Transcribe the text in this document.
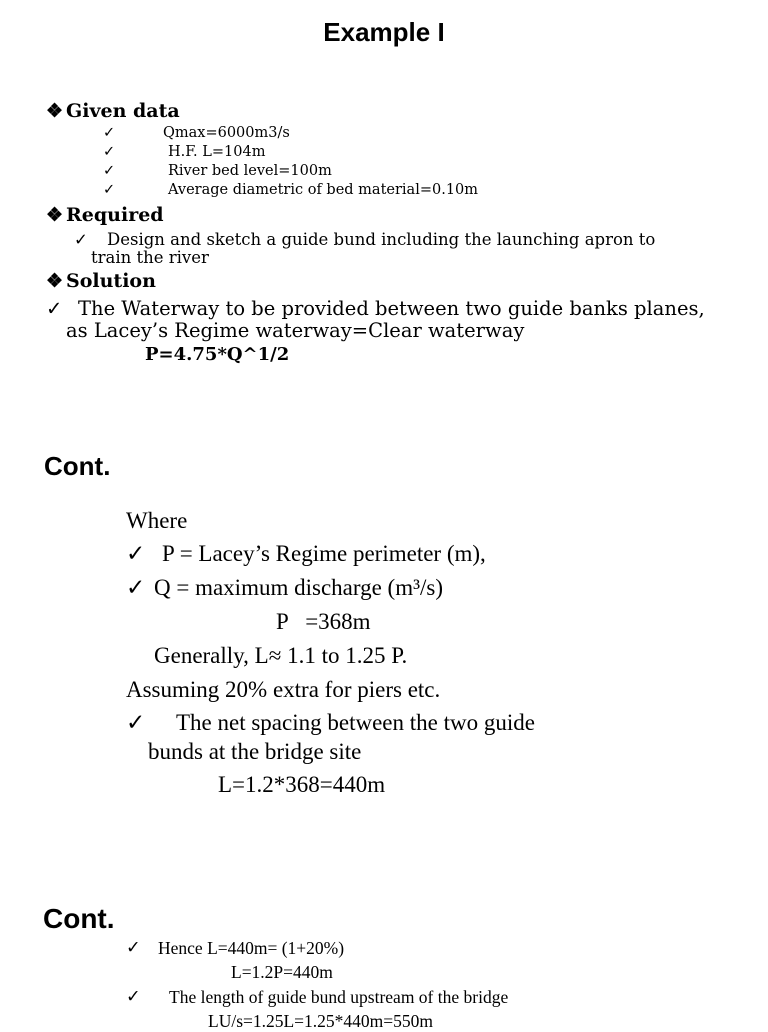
Example I
❖ Given data
✓	Qmax=6000m3/s
✓	H.F. L=104m
✓	River bed level=100m
✓	Average diametric of bed material=0.10m
❖ Required
✓ Design and sketch a guide bund including the launching apron to
train the river
❖ Solution
✓ The Waterway to be provided between two guide banks planes,
as Lacey’s Regime waterway=Clear waterway
P=4.75*Q^1/2
Cont.
Where
✓ P = Lacey’s Regime perimeter (m),
✓ Q = maximum discharge (m³/s)
P   =368m
Generally, L≈ 1.1 to 1.25 P.
Assuming 20% extra for piers etc.
✓ The net spacing between the two guide
bunds at the bridge site
L=1.2*368=440m
Cont.
✓ Hence L=440m= (1+20%)
L=1.2P=440m
✓ The length of guide bund upstream of the bridge
LU/s=1.25L=1.25*440m=550m
